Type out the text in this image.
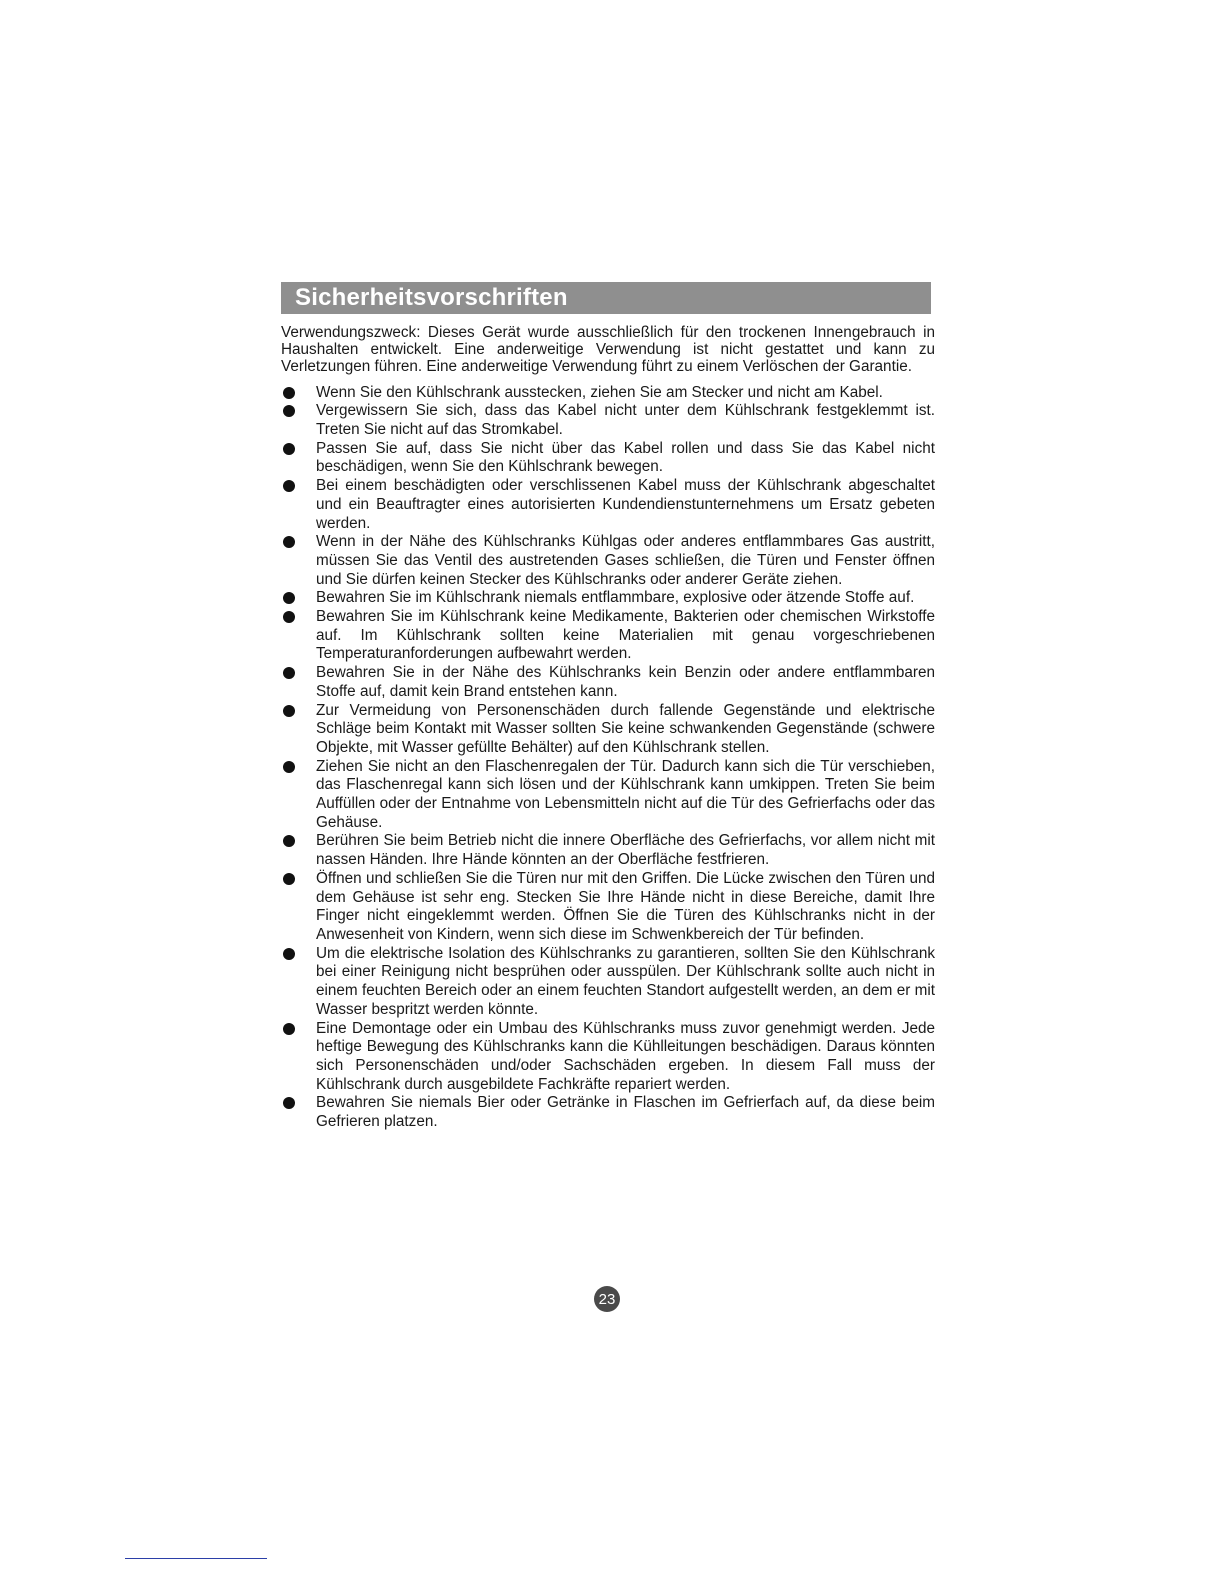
Sicherheitsvorschriften

Verwendungszweck: Dieses Gerät wurde ausschließlich für den trockenen Innengebrauch in Haushalten entwickelt. Eine anderweitige Verwendung ist nicht gestattet und kann zu Verletzungen führen. Eine anderweitige Verwendung führt zu einem Verlöschen der Garantie.

Wenn Sie den Kühlschrank ausstecken, ziehen Sie am Stecker und nicht am Kabel.
Vergewissern Sie sich, dass das Kabel nicht unter dem Kühlschrank festgeklemmt ist. Treten Sie nicht auf das Stromkabel.
Passen Sie auf, dass Sie nicht über das Kabel rollen und dass Sie das Kabel nicht beschädigen, wenn Sie den Kühlschrank bewegen.
Bei einem beschädigten oder verschlissenen Kabel muss der Kühlschrank abgeschaltet und ein Beauftragter eines autorisierten Kundendienstunternehmens um Ersatz gebeten werden.
Wenn in der Nähe des Kühlschranks Kühlgas oder anderes entflammbares Gas austritt, müssen Sie das Ventil des austretenden Gases schließen, die Türen und Fenster öffnen und Sie dürfen keinen Stecker des Kühlschranks oder anderer Geräte ziehen.
Bewahren Sie im Kühlschrank niemals entflammbare, explosive oder ätzende Stoffe auf.
Bewahren Sie im Kühlschrank keine Medikamente, Bakterien oder chemischen Wirkstoffe auf. Im Kühlschrank sollten keine Materialien mit genau vorgeschriebenen Temperaturanforderungen aufbewahrt werden.
Bewahren Sie in der Nähe des Kühlschranks kein Benzin oder andere entflammbaren Stoffe auf, damit kein Brand entstehen kann.
Zur Vermeidung von Personenschäden durch fallende Gegenstände und elektrische Schläge beim Kontakt mit Wasser sollten Sie keine schwankenden Gegenstände (schwere Objekte, mit Wasser gefüllte Behälter) auf den Kühlschrank stellen.
Ziehen Sie nicht an den Flaschenregalen der Tür. Dadurch kann sich die Tür verschieben, das Flaschenregal kann sich lösen und der Kühlschrank kann umkippen. Treten Sie beim Auffüllen oder der Entnahme von Lebensmitteln nicht auf die Tür des Gefrierfachs oder das Gehäuse.
Berühren Sie beim Betrieb nicht die innere Oberfläche des Gefrierfachs, vor allem nicht mit nassen Händen. Ihre Hände könnten an der Oberfläche festfrieren.
Öffnen und schließen Sie die Türen nur mit den Griffen. Die Lücke zwischen den Türen und dem Gehäuse ist sehr eng. Stecken Sie Ihre Hände nicht in diese Bereiche, damit Ihre Finger nicht eingeklemmt werden. Öffnen Sie die Türen des Kühlschranks nicht in der Anwesenheit von Kindern, wenn sich diese im Schwenkbereich der Tür befinden.
Um die elektrische Isolation des Kühlschranks zu garantieren, sollten Sie den Kühlschrank bei einer Reinigung nicht besprühen oder ausspülen. Der Kühlschrank sollte auch nicht in einem feuchten Bereich oder an einem feuchten Standort aufgestellt werden, an dem er mit Wasser bespritzt werden könnte.
Eine Demontage oder ein Umbau des Kühlschranks muss zuvor genehmigt werden. Jede heftige Bewegung des Kühlschranks kann die Kühlleitungen beschädigen. Daraus könnten sich Personenschäden und/oder Sachschäden ergeben. In diesem Fall muss der Kühlschrank durch ausgebildete Fachkräfte repariert werden.
Bewahren Sie niemals Bier oder Getränke in Flaschen im Gefrierfach auf, da diese beim Gefrieren platzen.
23
